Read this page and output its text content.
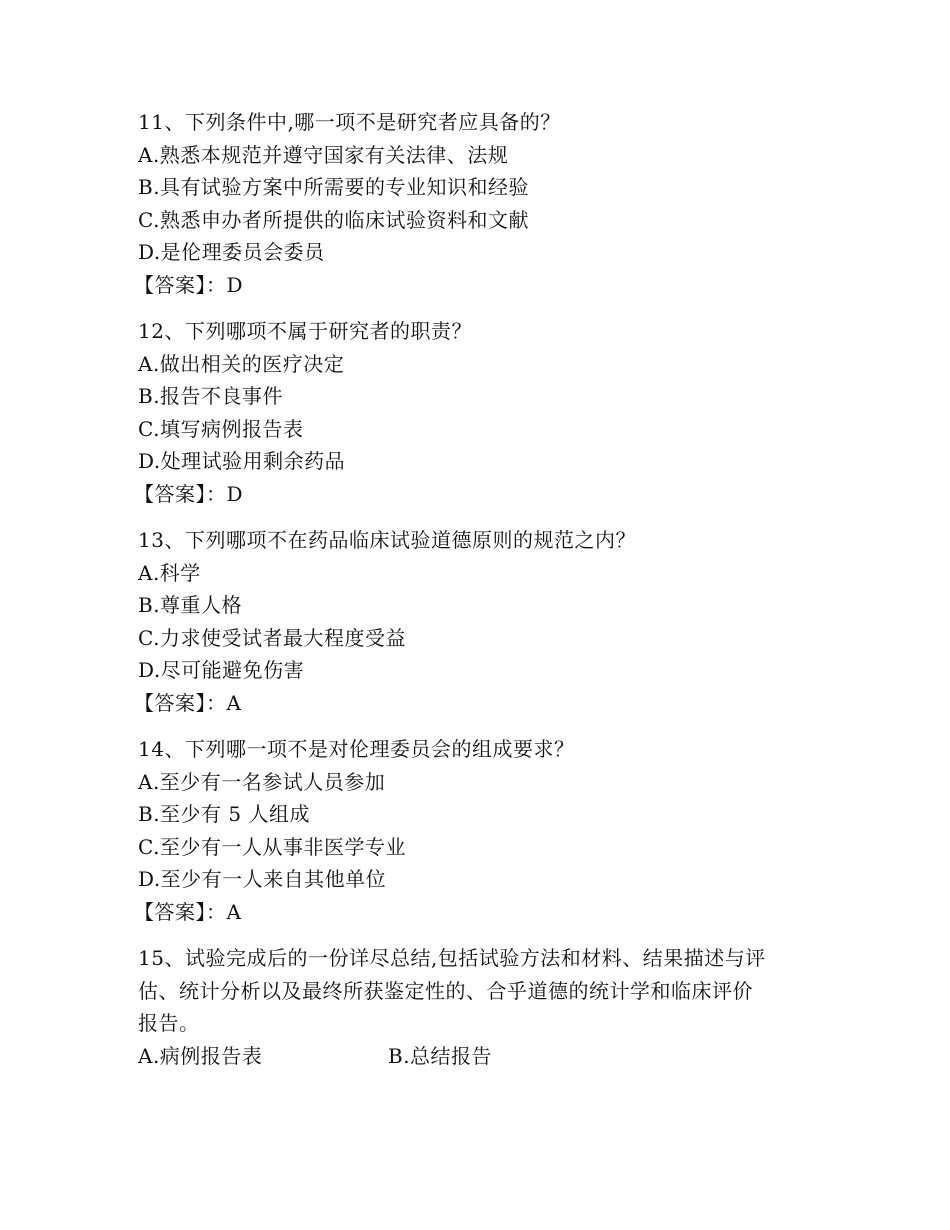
11、下列条件中,哪一项不是研究者应具备的？
A.熟悉本规范并遵守国家有关法律、法规
B.具有试验方案中所需要的专业知识和经验
C.熟悉申办者所提供的临床试验资料和文献
D.是伦理委员会委员
【答案】：D
12、下列哪项不属于研究者的职责？
A.做出相关的医疗决定
B.报告不良事件
C.填写病例报告表
D.处理试验用剩余药品
【答案】：D
13、下列哪项不在药品临床试验道德原则的规范之内？
A.科学
B.尊重人格
C.力求使受试者最大程度受益
D.尽可能避免伤害
【答案】：A
14、下列哪一项不是对伦理委员会的组成要求？
A.至少有一名参试人员参加
B.至少有 5 人组成
C.至少有一人从事非医学专业
D.至少有一人来自其他单位
【答案】：A
15、试验完成后的一份详尽总结,包括试验方法和材料、结果描述与评
估、统计分析以及最终所获鉴定性的、合乎道德的统计学和临床评价
报告。
A.病例报告表	B.总结报告
